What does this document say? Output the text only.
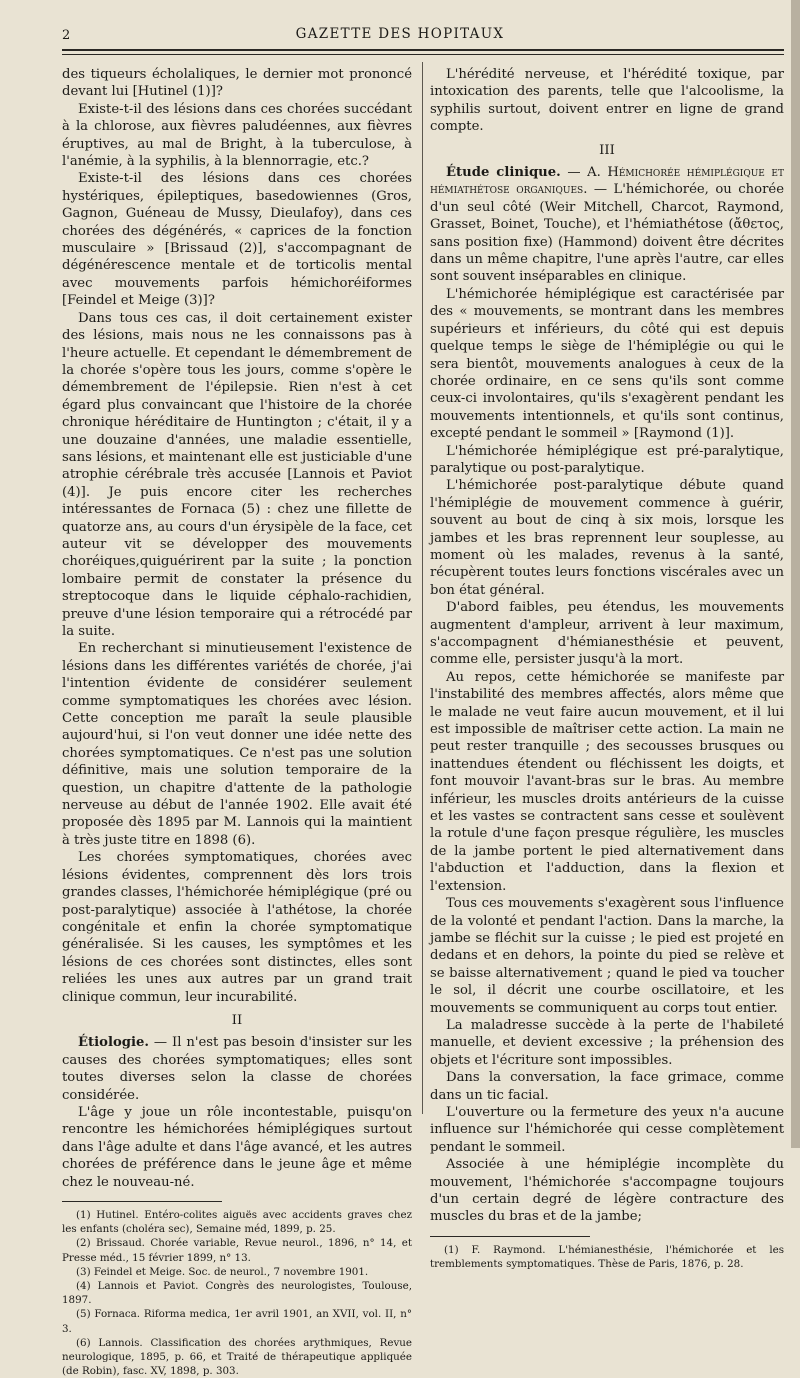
2	GAZETTE DES HOPITAUX

des tiqueurs écholaliques, le dernier mot prononcé devant lui [Hutinel (1)]?

Existe-t-il des lésions dans ces chorées succédant à la chlorose, aux fièvres paludéennes, aux fièvres éruptives, au mal de Bright, à la tuberculose, à l'anémie, à la syphilis, à la blennorragie, etc.?

Existe-t-il des lésions dans ces chorées hystériques, épileptiques, basedowiennes (Gros, Gagnon, Guéneau de Mussy, Dieulafoy), dans ces chorées des dégénérés, « caprices de la fonction musculaire » [Brissaud (2)], s'accompagnant de dégénérescence mentale et de torticolis mental avec mouvements parfois hémichoréiformes [Feindel et Meige (3)]?

Dans tous ces cas, il doit certainement exister des lésions, mais nous ne les connaissons pas à l'heure actuelle. Et cependant le démembrement de la chorée s'opère tous les jours, comme s'opère le démembrement de l'épilepsie. Rien n'est à cet égard plus convaincant que l'histoire de la chorée chronique héréditaire de Huntington ; c'était, il y a une douzaine d'années, une maladie essentielle, sans lésions, et maintenant elle est justiciable d'une atrophie cérébrale très accusée [Lannois et Paviot (4)]. Je puis encore citer les recherches intéressantes de Fornaca (5) : chez une fillette de quatorze ans, au cours d'un érysipèle de la face, cet auteur vit se développer des mouvements choréiques,quiguérirent par la suite ; la ponction lombaire permit de constater la présence du streptocoque dans le liquide céphalo-rachidien, preuve d'une lésion temporaire qui a rétrocédé par la suite.

En recherchant si minutieusement l'existence de lésions dans les différentes variétés de chorée, j'ai l'intention évidente de considérer seulement comme symptomatiques les chorées avec lésion. Cette conception me paraît la seule plausible aujourd'hui, si l'on veut donner une idée nette des chorées symptomatiques. Ce n'est pas une solution définitive, mais une solution temporaire de la question, un chapitre d'attente de la pathologie nerveuse au début de l'année 1902. Elle avait été proposée dès 1895 par M. Lannois qui la maintient à très juste titre en 1898 (6).

Les chorées symptomatiques, chorées avec lésions évidentes, comprennent dès lors trois grandes classes, l'hémichorée hémiplégique (pré ou post-paralytique) associée à l'athétose, la chorée congénitale et enfin la chorée symptomatique généralisée. Si les causes, les symptômes et les lésions de ces chorées sont distinctes, elles sont reliées les unes aux autres par un grand trait clinique commun, leur incurabilité.

II

Étiologie. — Il n'est pas besoin d'insister sur les causes des chorées symptomatiques; elles sont toutes diverses selon la classe de chorées considérée.

L'âge y joue un rôle incontestable, puisqu'on rencontre les hémichorées hémiplégiques surtout dans l'âge adulte et dans l'âge avancé, et les autres chorées de préférence dans le jeune âge et même chez le nouveau-né.

(1) Hutinel. Entéro-colites aiguës avec accidents graves chez les enfants (choléra sec), Semaine méd, 1899, p. 25.

(2) Brissaud. Chorée variable, Revue neurol., 1896, n° 14, et Presse méd., 15 février 1899, n° 13.

(3) Feindel et Meige. Soc. de neurol., 7 novembre 1901.

(4) Lannois et Paviot. Congrès des neurologistes, Toulouse, 1897.

(5) Fornaca. Riforma medica, 1er avril 1901, an XVII, vol. II, n° 3.

(6) Lannois. Classification des chorées arythmiques, Revue neurologique, 1895, p. 66, et Traité de thérapeutique appliquée (de Robin), fasc. XV, 1898, p. 303.

L'hérédité nerveuse, et l'hérédité toxique, par intoxication des parents, telle que l'alcoolisme, la syphilis surtout, doivent entrer en ligne de grand compte.

III

Étude clinique. — A. Hémichorée hémiplégique et hémiathétose organiques. — L'hémichorée, ou chorée d'un seul côté (Weir Mitchell, Charcot, Raymond, Grasset, Boinet, Touche), et l'hémiathétose (ἄθετος, sans position fixe) (Hammond) doivent être décrites dans un même chapitre, l'une après l'autre, car elles sont souvent inséparables en clinique.

L'hémichorée hémiplégique est caractérisée par des « mouvements, se montrant dans les membres supérieurs et inférieurs, du côté qui est depuis quelque temps le siège de l'hémiplégie ou qui le sera bientôt, mouvements analogues à ceux de la chorée ordinaire, en ce sens qu'ils sont comme ceux-ci involontaires, qu'ils s'exagèrent pendant les mouvements intentionnels, et qu'ils sont continus, excepté pendant le sommeil » [Raymond (1)].

L'hémichorée hémiplégique est pré-paralytique, paralytique ou post-paralytique.

L'hémichorée post-paralytique débute quand l'hémiplégie de mouvement commence à guérir, souvent au bout de cinq à six mois, lorsque les jambes et les bras reprennent leur souplesse, au moment où les malades, revenus à la santé, récupèrent toutes leurs fonctions viscérales avec un bon état général.

D'abord faibles, peu étendus, les mouvements augmentent d'ampleur, arrivent à leur maximum, s'accompagnent d'hémianesthésie et peuvent, comme elle, persister jusqu'à la mort.

Au repos, cette hémichorée se manifeste par l'instabilité des membres affectés, alors même que le malade ne veut faire aucun mouvement, et il lui est impossible de maîtriser cette action. La main ne peut rester tranquille ; des secousses brusques ou inattendues étendent ou fléchissent les doigts, et font mouvoir l'avant-bras sur le bras. Au membre inférieur, les muscles droits antérieurs de la cuisse et les vastes se contractent sans cesse et soulèvent la rotule d'une façon presque régulière, les muscles de la jambe portent le pied alternativement dans l'abduction et l'adduction, dans la flexion et l'extension.

Tous ces mouvements s'exagèrent sous l'influence de la volonté et pendant l'action. Dans la marche, la jambe se fléchit sur la cuisse ; le pied est projeté en dedans et en dehors, la pointe du pied se relève et se baisse alternativement ; quand le pied va toucher le sol, il décrit une courbe oscillatoire, et les mouvements se communiquent au corps tout entier.

La maladresse succède à la perte de l'habileté manuelle, et devient excessive ; la préhension des objets et l'écriture sont impossibles.

Dans la conversation, la face grimace, comme dans un tic facial.

L'ouverture ou la fermeture des yeux n'a aucune influence sur l'hémichorée qui cesse complètement pendant le sommeil.

Associée à une hémiplégie incomplète du mouvement, l'hémichorée s'accompagne toujours d'un certain degré de légère contracture des muscles du bras et de la jambe;

(1) F. Raymond. L'hémianesthésie, l'hémichorée et les tremblements symptomatiques. Thèse de Paris, 1876, p. 28.
